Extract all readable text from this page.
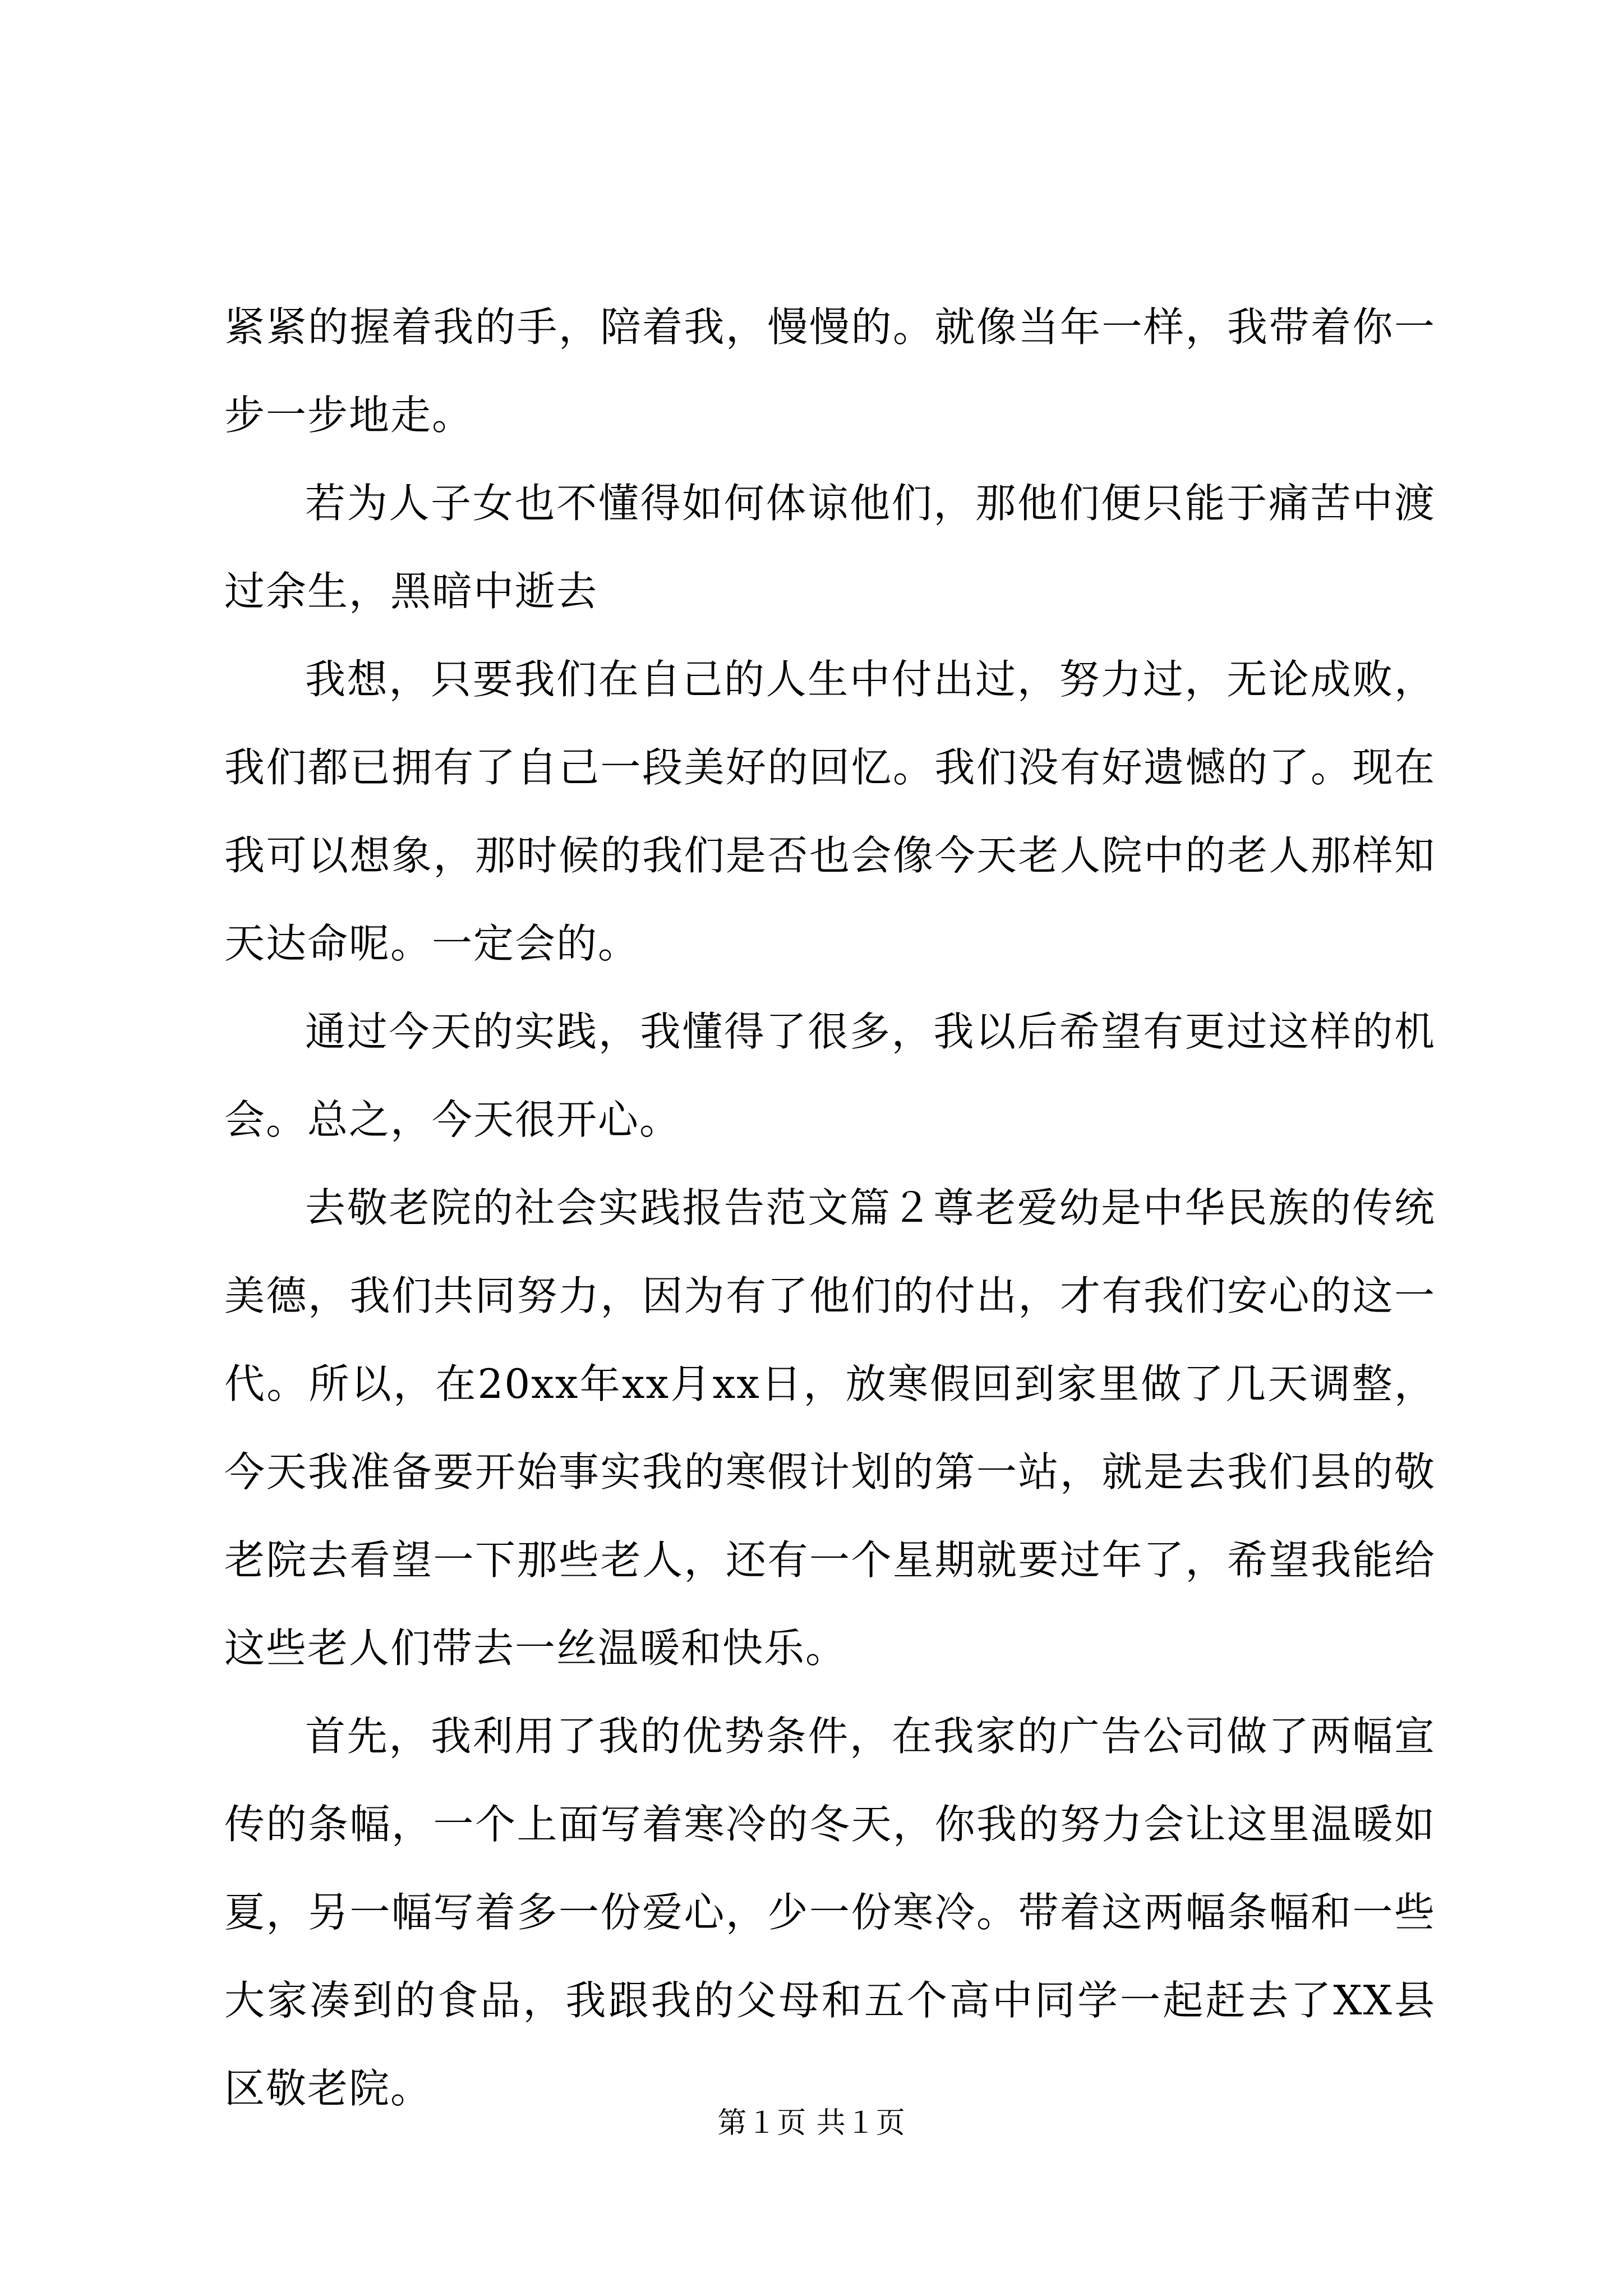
紧紧的握着我的手，陪着我，慢慢的。就像当年一样，我带着你一步一步地走。

若为人子女也不懂得如何体谅他们，那他们便只能于痛苦中渡过余生，黑暗中逝去

我想，只要我们在自己的人生中付出过，努力过，无论成败，我们都已拥有了自己一段美好的回忆。我们没有好遗憾的了。现在我可以想象，那时候的我们是否也会像今天老人院中的老人那样知天达命呢。一定会的。

通过今天的实践，我懂得了很多，我以后希望有更过这样的机会。总之，今天很开心。

去敬老院的社会实践报告范文篇２尊老爱幼是中华民族的传统美德，我们共同努力，因为有了他们的付出，才有我们安心的这一代。所以，在20xx年xx月xx日，放寒假回到家里做了几天调整，今天我准备要开始事实我的寒假计划的第一站，就是去我们县的敬老院去看望一下那些老人，还有一个星期就要过年了，希望我能给这些老人们带去一丝温暖和快乐。

首先，我利用了我的优势条件，在我家的广告公司做了两幅宣传的条幅，一个上面写着寒冷的冬天，你我的努力会让这里温暖如夏，另一幅写着多一份爱心，少一份寒冷。带着这两幅条幅和一些大家凑到的食品，我跟我的父母和五个高中同学一起赶去了XX县区敬老院。

第１页 共１页
